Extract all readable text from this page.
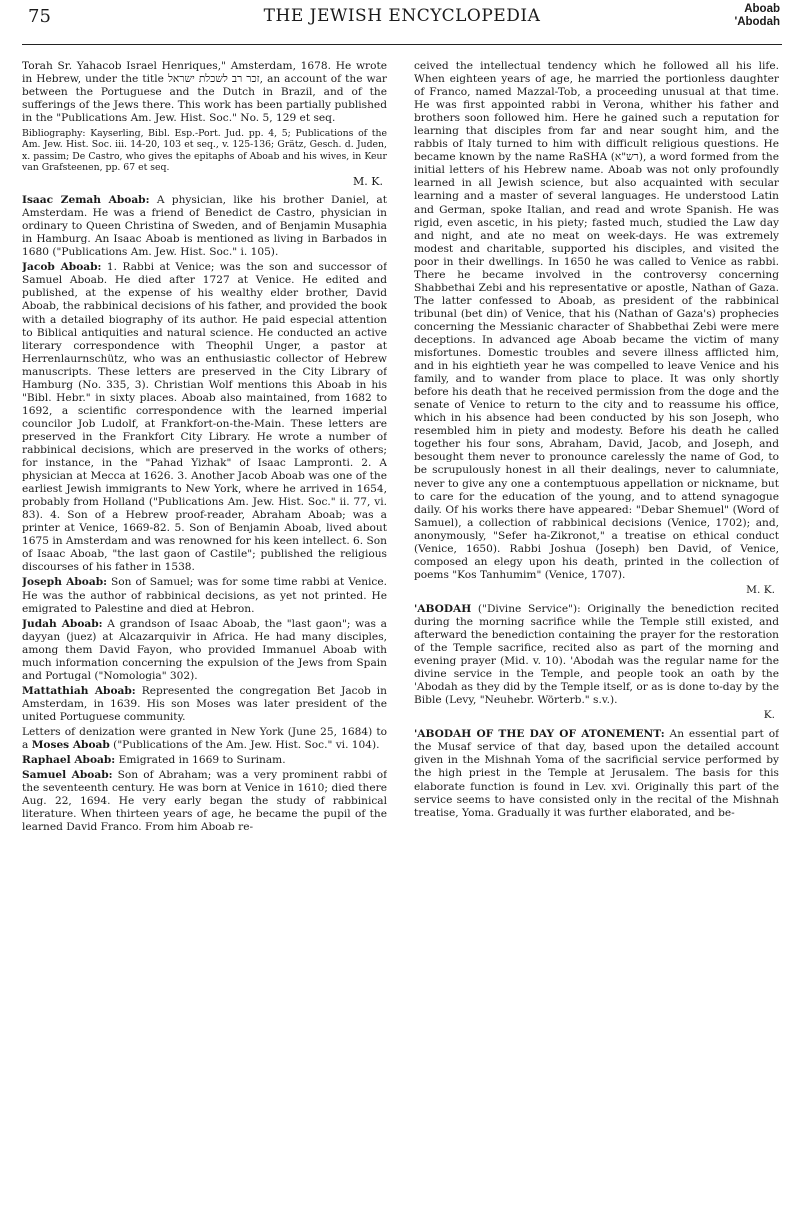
75	THE JEWISH ENCYCLOPEDIA	Aboab
'Abodah

Torah Sr. Yahacob Israel Henriques," Amsterdam, 1678. He wrote in Hebrew, under the title זכר רב לשכלת ישראל, an account of the war between the Portuguese and the Dutch in Brazil, and of the sufferings of the Jews there. This work has been partially published in the "Publications Am. Jew. Hist. Soc." No. 5, 129 et seq.

Bibliography: Kayserling, Bibl. Esp.-Port. Jud. pp. 4, 5; Publications of the Am. Jew. Hist. Soc. iii. 14-20, 103 et seq., v. 125-136; Grätz, Gesch. d. Juden, x. passim; De Castro, who gives the epitaphs of Aboab and his wives, in Keur van Grafsteenen, pp. 67 et seq.

M. K.

Isaac Zemah Aboab: A physician, like his brother Daniel, at Amsterdam. He was a friend of Benedict de Castro, physician in ordinary to Queen Christina of Sweden, and of Benjamin Musaphia in Hamburg. An Isaac Aboab is mentioned as living in Barbados in 1680 ("Publications Am. Jew. Hist. Soc." i. 105).

Jacob Aboab: 1. Rabbi at Venice; was the son and successor of Samuel Aboab. He died after 1727 at Venice. He edited and published, at the expense of his wealthy elder brother, David Aboab, the rabbinical decisions of his father, and provided the book with a detailed biography of its author. He paid especial attention to Biblical antiquities and natural science. He conducted an active literary correspondence with Theophil Unger, a pastor at Herrenlaurnschütz, who was an enthusiastic collector of Hebrew manuscripts. These letters are preserved in the City Library of Hamburg (No. 335, 3). Christian Wolf mentions this Aboab in his "Bibl. Hebr." in sixty places. Aboab also maintained, from 1682 to 1692, a scientific correspondence with the learned imperial councilor Job Ludolf, at Frankfort-on-the-Main. These letters are preserved in the Frankfort City Library. He wrote a number of rabbinical decisions, which are preserved in the works of others; for instance, in the "Pahad Yizhak" of Isaac Lampronti. 2. A physician at Mecca at 1626. 3. Another Jacob Aboab was one of the earliest Jewish immigrants to New York, where he arrived in 1654, probably from Holland ("Publications Am. Jew. Hist. Soc." ii. 77, vi. 83). 4. Son of a Hebrew proof-reader, Abraham Aboab; was a printer at Venice, 1669-82. 5. Son of Benjamin Aboab, lived about 1675 in Amsterdam and was renowned for his keen intellect. 6. Son of Isaac Aboab, "the last gaon of Castile"; published the religious discourses of his father in 1538.

Joseph Aboab: Son of Samuel; was for some time rabbi at Venice. He was the author of rabbinical decisions, as yet not printed. He emigrated to Palestine and died at Hebron.

Judah Aboab: A grandson of Isaac Aboab, the "last gaon"; was a dayyan (juez) at Alcazarquivir in Africa. He had many disciples, among them David Fayon, who provided Immanuel Aboab with much information concerning the expulsion of the Jews from Spain and Portugal ("Nomologia" 302).

Mattathiah Aboab: Represented the congregation Bet Jacob in Amsterdam, in 1639. His son Moses was later president of the united Portuguese community.

Letters of denization were granted in New York (June 25, 1684) to a Moses Aboab ("Publications of the Am. Jew. Hist. Soc." vi. 104).

Raphael Aboab: Emigrated in 1669 to Surinam.

Samuel Aboab: Son of Abraham; was a very prominent rabbi of the seventeenth century. He was born at Venice in 1610; died there Aug. 22, 1694. He very early began the study of rabbinical literature. When thirteen years of age, he became the pupil of the learned David Franco. From him Aboab re-

ceived the intellectual tendency which he followed all his life. When eighteen years of age, he married the portionless daughter of Franco, named Mazzal-Tob, a proceeding unusual at that time. He was first appointed rabbi in Verona, whither his father and brothers soon followed him. Here he gained such a reputation for learning that disciples from far and near sought him, and the rabbis of Italy turned to him with difficult religious questions. He became known by the name RaSHA (רש"א), a word formed from the initial letters of his Hebrew name. Aboab was not only profoundly learned in all Jewish science, but also acquainted with secular learning and a master of several languages. He understood Latin and German, spoke Italian, and read and wrote Spanish. He was rigid, even ascetic, in his piety; fasted much, studied the Law day and night, and ate no meat on week-days. He was extremely modest and charitable, supported his disciples, and visited the poor in their dwellings. In 1650 he was called to Venice as rabbi. There he became involved in the controversy concerning Shabbethai Zebi and his representative or apostle, Nathan of Gaza. The latter confessed to Aboab, as president of the rabbinical tribunal (bet din) of Venice, that his (Nathan of Gaza's) prophecies concerning the Messianic character of Shabbethai Zebi were mere deceptions. In advanced age Aboab became the victim of many misfortunes. Domestic troubles and severe illness afflicted him, and in his eightieth year he was compelled to leave Venice and his family, and to wander from place to place. It was only shortly before his death that he received permission from the doge and the senate of Venice to return to the city and to reassume his office, which in his absence had been conducted by his son Joseph, who resembled him in piety and modesty. Before his death he called together his four sons, Abraham, David, Jacob, and Joseph, and besought them never to pronounce carelessly the name of God, to be scrupulously honest in all their dealings, never to calumniate, never to give any one a contemptuous appellation or nickname, but to care for the education of the young, and to attend synagogue daily. Of his works there have appeared: "Debar Shemuel" (Word of Samuel), a collection of rabbinical decisions (Venice, 1702); and, anonymously, "Sefer ha-Zikronot," a treatise on ethical conduct (Venice, 1650). Rabbi Joshua (Joseph) ben David, of Venice, composed an elegy upon his death, printed in the collection of poems "Kos Tanhumim" (Venice, 1707).

M. K.

'ABODAH ("Divine Service"): Originally the benediction recited during the morning sacrifice while the Temple still existed, and afterward the benediction containing the prayer for the restoration of the Temple sacrifice, recited also as part of the morning and evening prayer (Mid. v. 10). 'Abodah was the regular name for the divine service in the Temple, and people took an oath by the 'Abodah as they did by the Temple itself, or as is done to-day by the Bible (Levy, "Neuhebr. Wörterb." s.v.).

K.

'ABODAH OF THE DAY OF ATONEMENT: An essential part of the Musaf service of that day, based upon the detailed account given in the Mishnah Yoma of the sacrificial service performed by the high priest in the Temple at Jerusalem. The basis for this elaborate function is found in Lev. xvi. Originally this part of the service seems to have consisted only in the recital of the Mishnah treatise, Yoma. Gradually it was further elaborated, and be-
